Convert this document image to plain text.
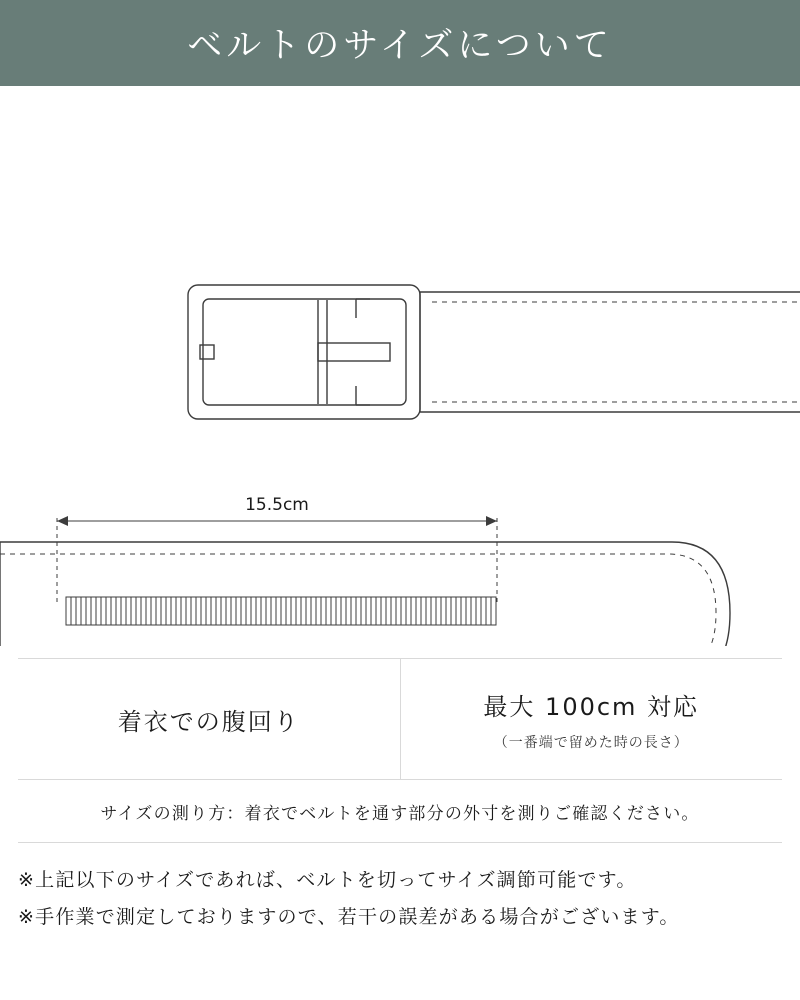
ベルトのサイズについて
15.5cm
着衣での腹回り
最大 100cm 対応
（一番端で留めた時の長さ）
サイズの測り方：着衣でベルトを通す部分の外寸を測りご確認ください。
※上記以下のサイズであれば、ベルトを切ってサイズ調節可能です。
※手作業で測定しておりますので、若干の誤差がある場合がございます。
